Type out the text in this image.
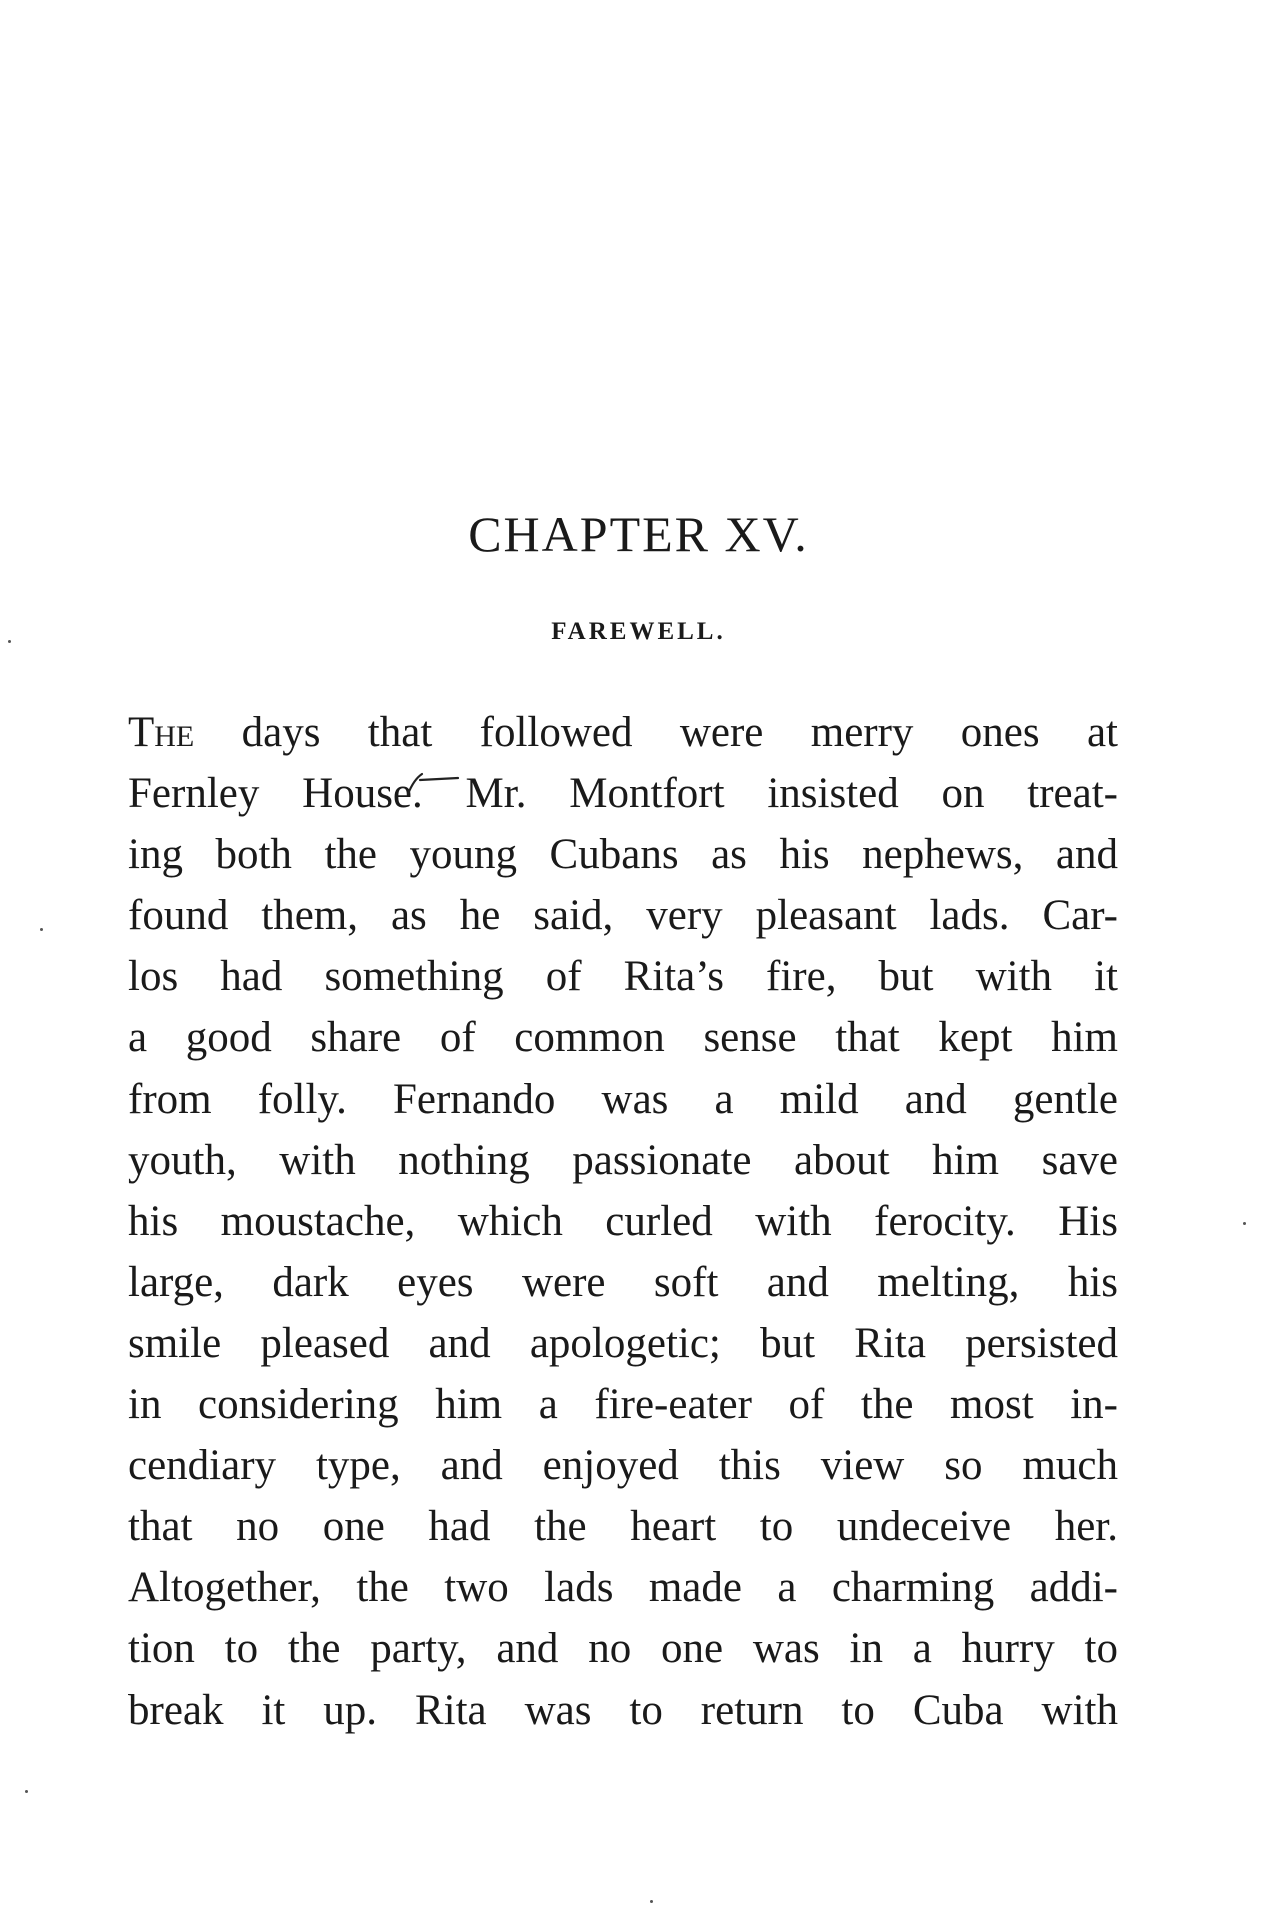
CHAPTER XV.
FAREWELL.
The days that followed were merry ones at
Fernley House. Mr. Montfort insisted on treat-
ing both the young Cubans as his nephews, and
found them, as he said, very pleasant lads. Car-
los had something of Rita’s fire, but with it
a good share of common sense that kept him
from folly. Fernando was a mild and gentle
youth, with nothing passionate about him save
his moustache, which curled with ferocity. His
large, dark eyes were soft and melting, his
smile pleased and apologetic; but Rita persisted
in considering him a fire-eater of the most in-
cendiary type, and enjoyed this view so much
that no one had the heart to undeceive her.
Altogether, the two lads made a charming addi-
tion to the party, and no one was in a hurry to
break it up. Rita was to return to Cuba with
